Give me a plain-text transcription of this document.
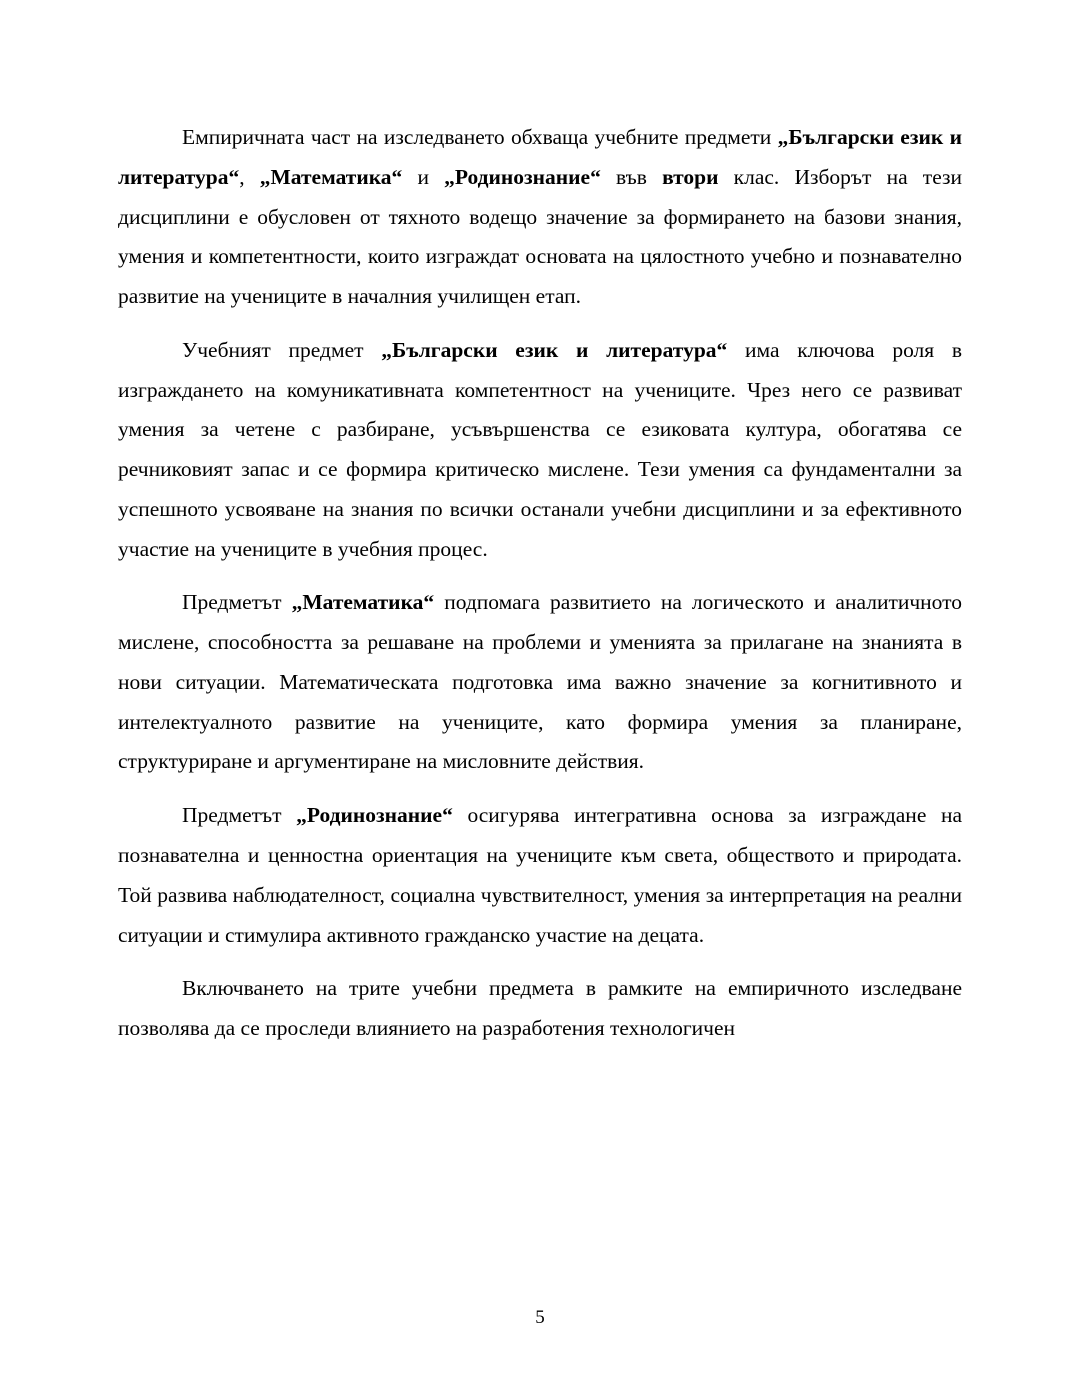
Емпиричната част на изследването обхваща учебните предмети „Български език и литература“, „Математика“ и „Родинознание“ във втори клас. Изборът на тези дисциплини е обусловен от тяхното водещо значение за формирането на базови знания, умения и компетентности, които изграждат основата на цялостното учебно и познавателно развитие на учениците в началния училищен етап.

Учебният предмет „Български език и литература“ има ключова роля в изграждането на комуникативната компетентност на учениците. Чрез него се развиват умения за четене с разбиране, усъвършенства се езиковата култура, обогатява се речниковият запас и се формира критическо мислене. Тези умения са фундаментални за успешното усвояване на знания по всички останали учебни дисциплини и за ефективното участие на учениците в учебния процес.

Предметът „Математика“ подпомага развитието на логическото и аналитичното мислене, способността за решаване на проблеми и уменията за прилагане на знанията в нови ситуации. Математическата подготовка има важно значение за когнитивното и интелектуалното развитие на учениците, като формира умения за планиране, структуриране и аргументиране на мисловните действия.

Предметът „Родинознание“ осигурява интегративна основа за изграждане на познавателна и ценностна ориентация на учениците към света, обществото и природата. Той развива наблюдателност, социална чувствителност, умения за интерпретация на реални ситуации и стимулира активното гражданско участие на децата.

Включването на трите учебни предмета в рамките на емпиричното изследване позволява да се проследи влиянието на разработения технологичен

5
